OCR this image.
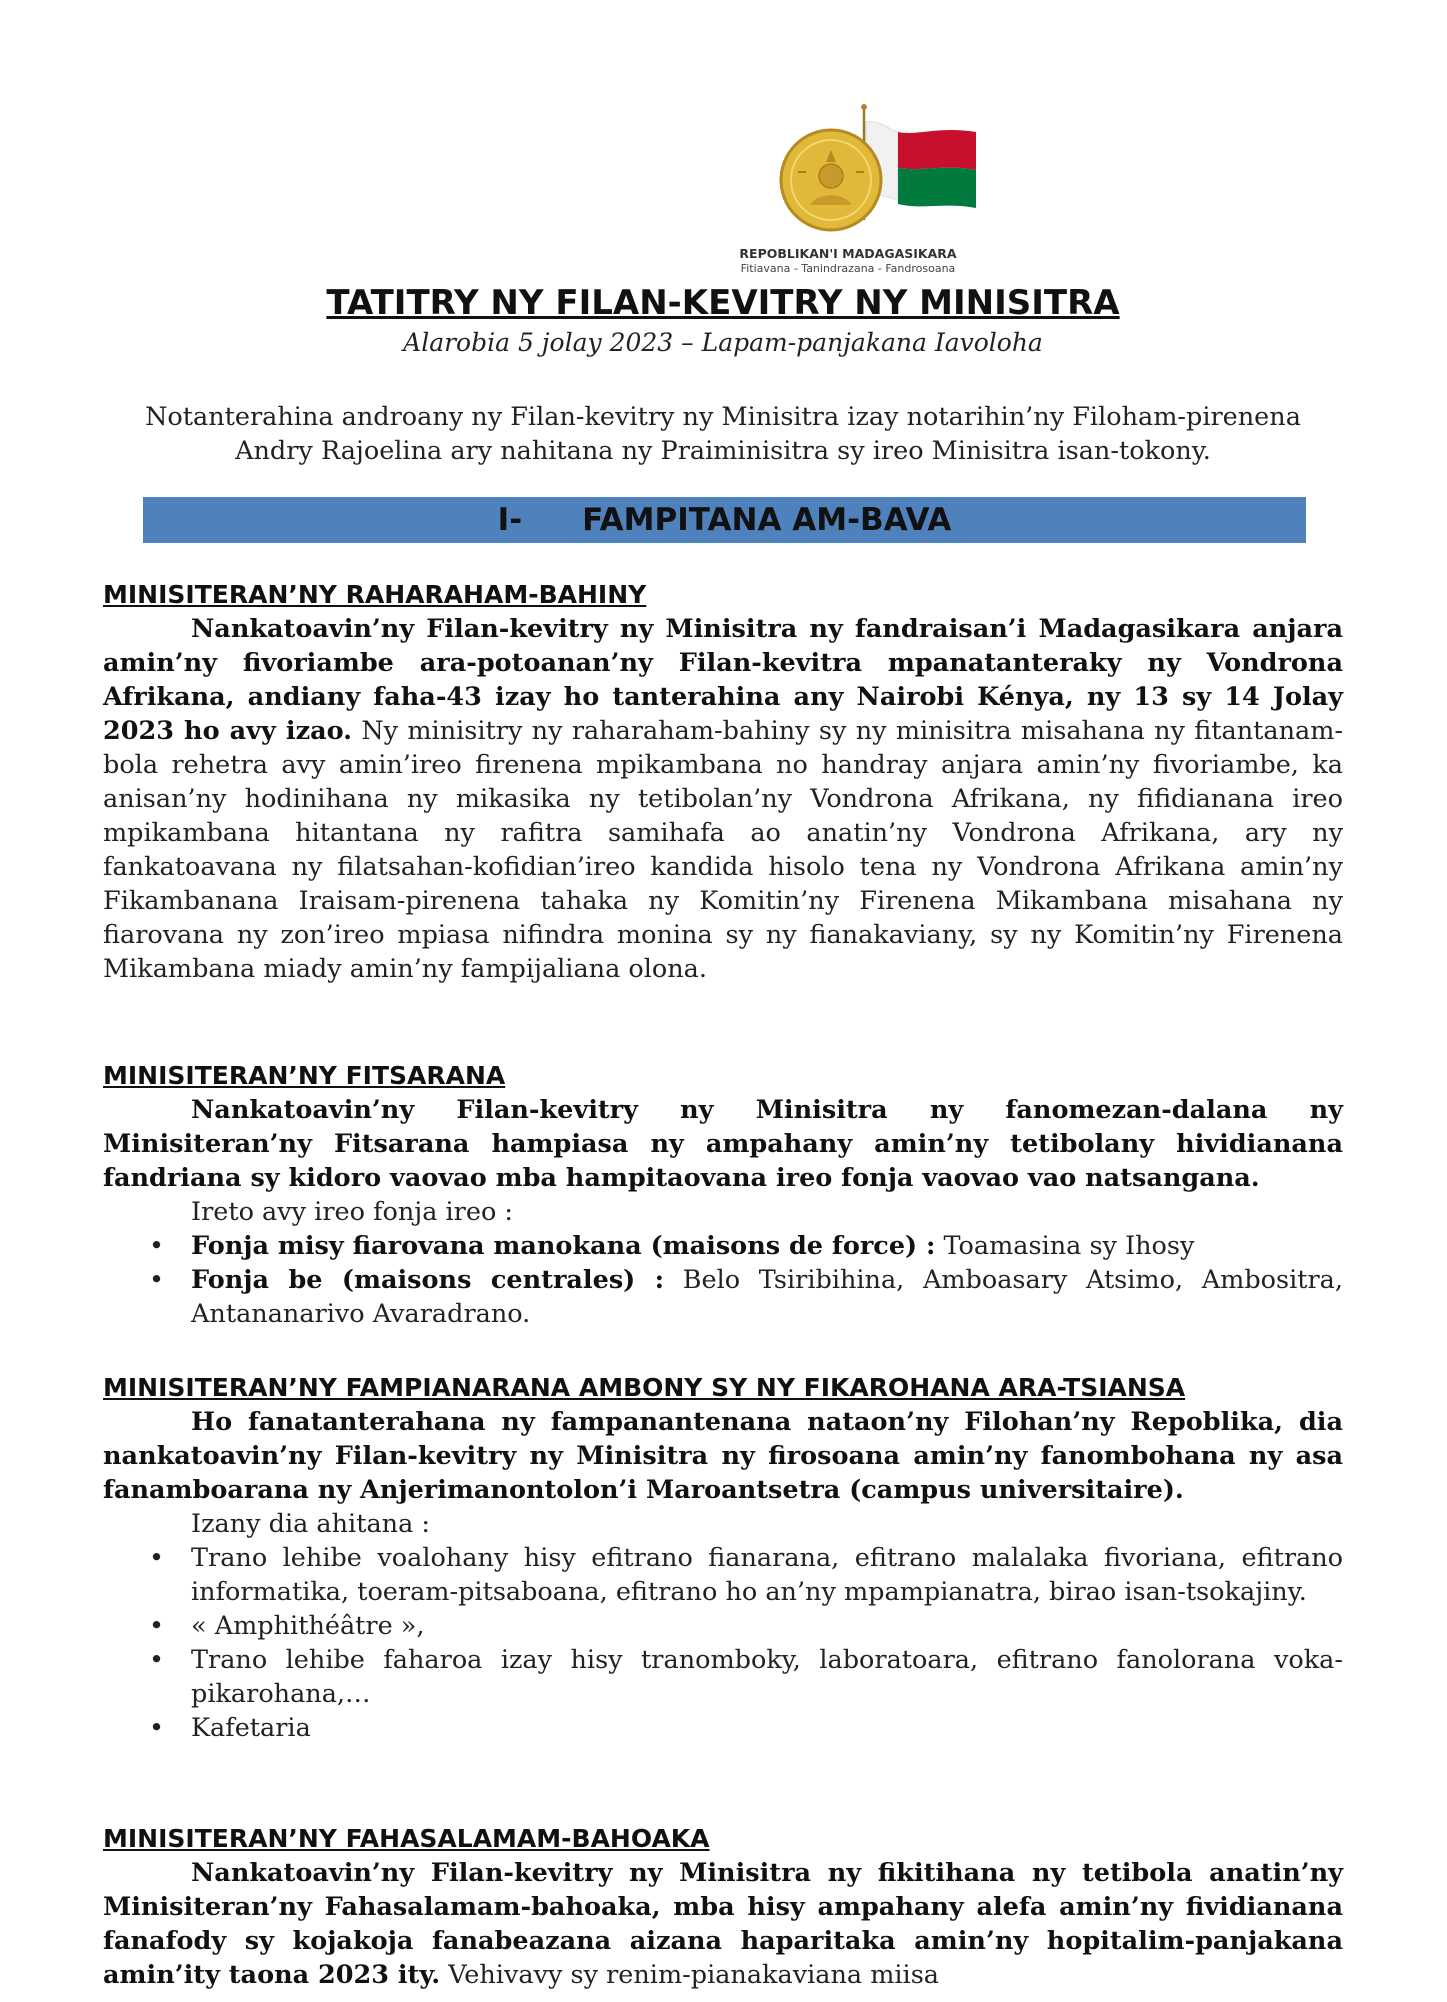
REPOBLIKAN'I MADAGASIKARA
Fitiavana - Tanindrazana - Fandrosoana
TATITRY NY FILAN-KEVITRY NY MINISITRA
Alarobia 5 jolay 2023 – Lapam-panjakana Iavoloha
Notanterahina androany ny Filan-kevitry ny Minisitra izay notarihin’ny Filoham-pirenena Andry Rajoelina ary nahitana ny Praiminisitra sy ireo Minisitra isan-tokony.
I- FAMPITANA AM-BAVA
MINISITERAN’NY RAHARAHAM-BAHINY
Nankatoavin’ny Filan-kevitry ny Minisitra ny fandraisan’i Madagasikara anjara amin’ny fivoriambe ara-potoanan’ny Filan-kevitra mpanatanteraky ny Vondrona Afrikana, andiany faha-43 izay ho tanterahina any Nairobi Kénya, ny 13 sy 14 Jolay 2023 ho avy izao. Ny minisitry ny raharaham-bahiny sy ny minisitra misahana ny fitantanam-bola rehetra avy amin’ireo firenena mpikambana no handray anjara amin’ny fivoriambe, ka anisan’ny hodinihana ny mikasika ny tetibolan’ny Vondrona Afrikana, ny fifidianana ireo mpikambana hitantana ny rafitra samihafa ao anatin’ny Vondrona Afrikana, ary ny fankatoavana ny filatsahan-kofidian’ireo kandida hisolo tena ny Vondrona Afrikana amin’ny Fikambanana Iraisam-pirenena tahaka ny Komitin’ny Firenena Mikambana misahana ny fiarovana ny zon’ireo mpiasa nifindra monina sy ny fianakaviany, sy ny Komitin’ny Firenena Mikambana miady amin’ny fampijaliana olona.
MINISITERAN’NY FITSARANA
Nankatoavin’ny Filan-kevitry ny Minisitra ny fanomezan-dalana ny Minisiteran’ny Fitsarana hampiasa ny ampahany amin’ny tetibolany hividianana fandriana sy kidoro vaovao mba hampitaovana ireo fonja vaovao vao natsangana.
Ireto avy ireo fonja ireo :
• Fonja misy fiarovana manokana (maisons de force) : Toamasina sy Ihosy
• Fonja be (maisons centrales) : Belo Tsiribihina, Amboasary Atsimo, Ambositra, Antananarivo Avaradrano.
MINISITERAN’NY FAMPIANARANA AMBONY SY NY FIKAROHANA ARA-TSIANSA
Ho fanatanterahana ny fampanantenana nataon’ny Filohan’ny Repoblika, dia nankatoavin’ny Filan-kevitry ny Minisitra ny firosoana amin’ny fanombohana ny asa fanamboarana ny Anjerimanontolon’i Maroantsetra (campus universitaire).
Izany dia ahitana :
• Trano lehibe voalohany hisy efitrano fianarana, efitrano malalaka fivoriana, efitrano informatika, toeram-pitsaboana, efitrano ho an’ny mpampianatra, birao isan-tsokajiny.
• « Amphithéâtre »,
• Trano lehibe faharoa izay hisy tranomboky, laboratoara, efitrano fanolorana voka-pikarohana,…
• Kafetaria
MINISITERAN’NY FAHASALAMAM-BAHOAKA
Nankatoavin’ny Filan-kevitry ny Minisitra ny fikitihana ny tetibola anatin’ny Minisiteran’ny Fahasalamam-bahoaka, mba hisy ampahany alefa amin’ny fividianana fanafody sy kojakoja fanabeazana aizana haparitaka amin’ny hopitalim-panjakana amin’ity taona 2023 ity. Vehivavy sy renim-pianakaviana miisa
